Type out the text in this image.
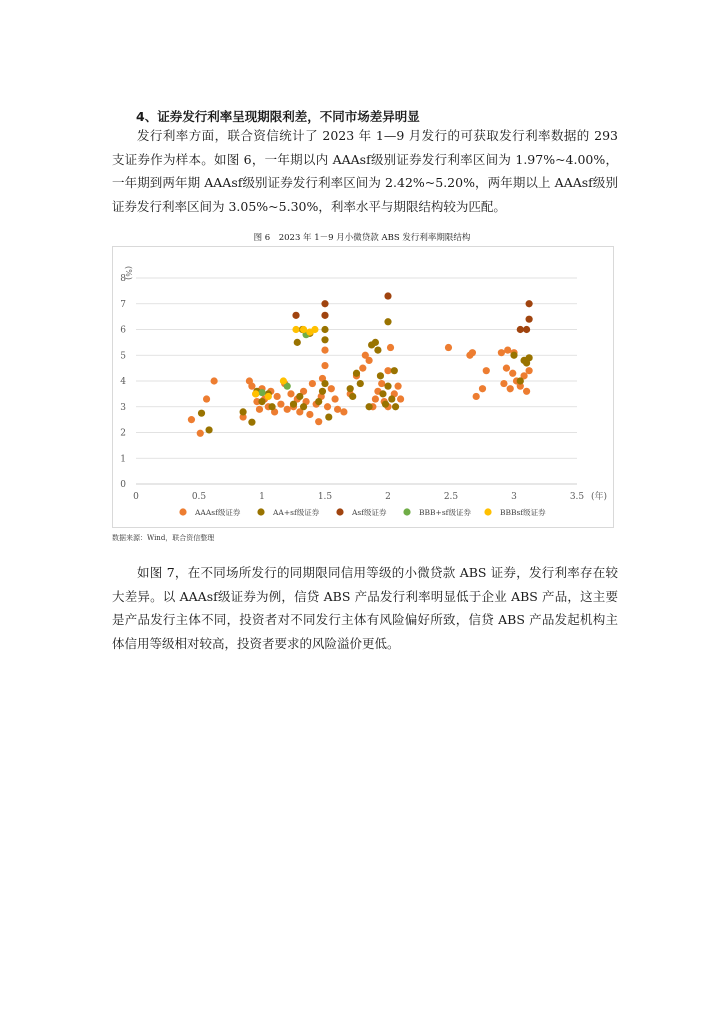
4、证券发行利率呈现期限利差，不同市场差异明显

发行利率方面，联合资信统计了 2023 年 1—9 月发行的可获取发行利率数据的 293 支证券作为样本。如图 6，一年期以内 AAAsf级别证券发行利率区间为 1.97%~4.00%，一年期到两年期 AAAsf级别证券发行利率区间为 2.42%~5.20%，两年期以上 AAAsf级别证券发行利率区间为 3.05%~5.30%，利率水平与期限结构较为匹配。

图 6　2023 年 1－9 月小微贷款 ABS 发行利率期限结构

0
1
2
3
4
5
6
7
8
0	0.5	1	1.5	2	2.5	3	3.5
(%)
(年)
AAAsf级证券	AA+sf级证券	Asf级证券	BBB+sf级证券	BBBsf级证券

数据来源：Wind，联合资信整理

如图 7，在不同场所发行的同期限同信用等级的小微贷款 ABS 证券，发行利率存在较大差异。以 AAAsf级证券为例，信贷 ABS 产品发行利率明显低于企业 ABS 产品，这主要是产品发行主体不同，投资者对不同发行主体有风险偏好所致，信贷 ABS 产品发起机构主体信用等级相对较高，投资者要求的风险溢价更低。
